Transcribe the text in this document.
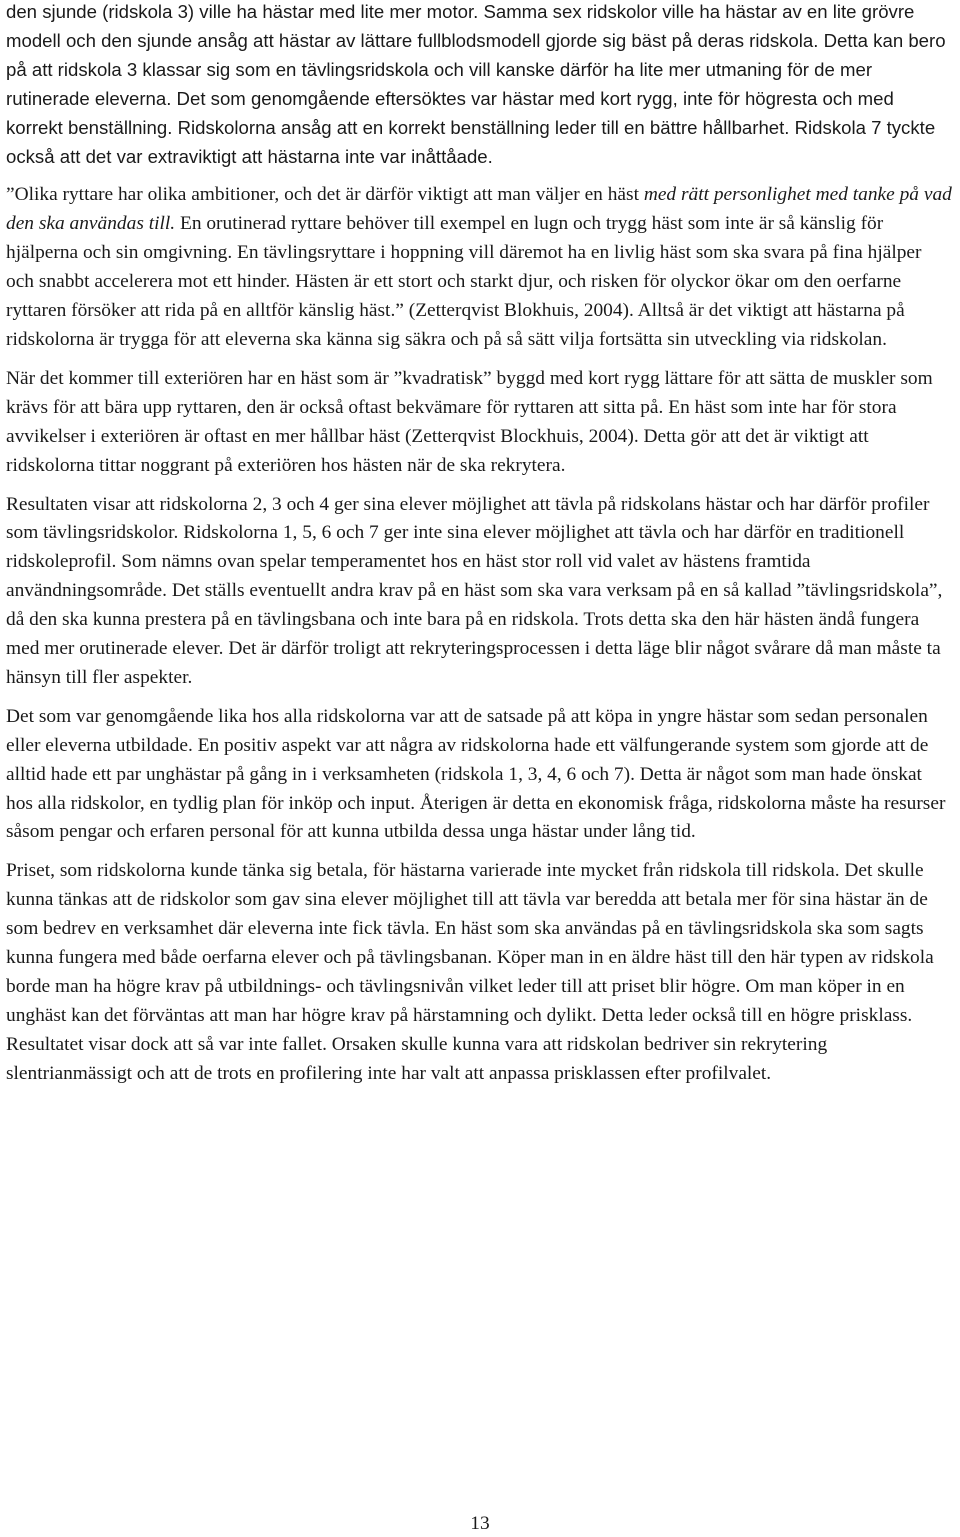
den sjunde (ridskola 3) ville ha hästar med lite mer motor. Samma sex ridskolor ville ha hästar av en lite grövre modell och den sjunde ansåg att hästar av lättare fullblodsmodell gjorde sig bäst på deras ridskola. Detta kan bero på att ridskola 3 klassar sig som en tävlingsridskola och vill kanske därför ha lite mer utmaning för de mer rutinerade eleverna. Det som genomgående eftersöktes var hästar med kort rygg, inte för högresta och med korrekt benställning. Ridskolorna ansåg att en korrekt benställning leder till en bättre hållbarhet. Ridskola 7 tyckte också att det var extraviktigt att hästarna inte var inåttåade.

”Olika ryttare har olika ambitioner, och det är därför viktigt att man väljer en häst med rätt personlighet med tanke på vad den ska användas till. En orutinerad ryttare behöver till exempel en lugn och trygg häst som inte är så känslig för hjälperna och sin omgivning. En tävlingsryttare i hoppning vill däremot ha en livlig häst som ska svara på fina hjälper och snabbt accelerera mot ett hinder. Hästen är ett stort och starkt djur, och risken för olyckor ökar om den oerfarne ryttaren försöker att rida på en alltför känslig häst.” (Zetterqvist Blokhuis, 2004). Alltså är det viktigt att hästarna på ridskolorna är trygga för att eleverna ska känna sig säkra och på så sätt vilja fortsätta sin utveckling via ridskolan.

När det kommer till exteriören har en häst som är ”kvadratisk” byggd med kort rygg lättare för att sätta de muskler som krävs för att bära upp ryttaren, den är också oftast bekvämare för ryttaren att sitta på. En häst som inte har för stora avvikelser i exteriören är oftast en mer hållbar häst (Zetterqvist Blockhuis, 2004). Detta gör att det är viktigt att ridskolorna tittar noggrant på exteriören hos hästen när de ska rekrytera.

Resultaten visar att ridskolorna 2, 3 och 4 ger sina elever möjlighet att tävla på ridskolans hästar och har därför profiler som tävlingsridskolor. Ridskolorna 1, 5, 6 och 7 ger inte sina elever möjlighet att tävla och har därför en traditionell ridskoleprofil. Som nämns ovan spelar temperamentet hos en häst stor roll vid valet av hästens framtida användningsområde. Det ställs eventuellt andra krav på en häst som ska vara verksam på en så kallad ”tävlingsridskola”, då den ska kunna prestera på en tävlingsbana och inte bara på en ridskola. Trots detta ska den här hästen ändå fungera med mer orutinerade elever. Det är därför troligt att rekryteringsprocessen i detta läge blir något svårare då man måste ta hänsyn till fler aspekter.

Det som var genomgående lika hos alla ridskolorna var att de satsade på att köpa in yngre hästar som sedan personalen eller eleverna utbildade. En positiv aspekt var att några av ridskolorna hade ett välfungerande system som gjorde att de alltid hade ett par unghästar på gång in i verksamheten (ridskola 1, 3, 4, 6 och 7). Detta är något som man hade önskat hos alla ridskolor, en tydlig plan för inköp och input. Återigen är detta en ekonomisk fråga, ridskolorna måste ha resurser såsom pengar och erfaren personal för att kunna utbilda dessa unga hästar under lång tid.

Priset, som ridskolorna kunde tänka sig betala, för hästarna varierade inte mycket från ridskola till ridskola. Det skulle kunna tänkas att de ridskolor som gav sina elever möjlighet till att tävla var beredda att betala mer för sina hästar än de som bedrev en verksamhet där eleverna inte fick tävla. En häst som ska användas på en tävlingsridskola ska som sagts kunna fungera med både oerfarna elever och på tävlingsbanan. Köper man in en äldre häst till den här typen av ridskola borde man ha högre krav på utbildnings- och tävlingsnivån vilket leder till att priset blir högre. Om man köper in en unghäst kan det förväntas att man har högre krav på härstamning och dylikt. Detta leder också till en högre prisklass. Resultatet visar dock att så var inte fallet. Orsaken skulle kunna vara att ridskolan bedriver sin rekrytering slentrianmässigt och att de trots en profilering inte har valt att anpassa prisklassen efter profilvalet.

13
